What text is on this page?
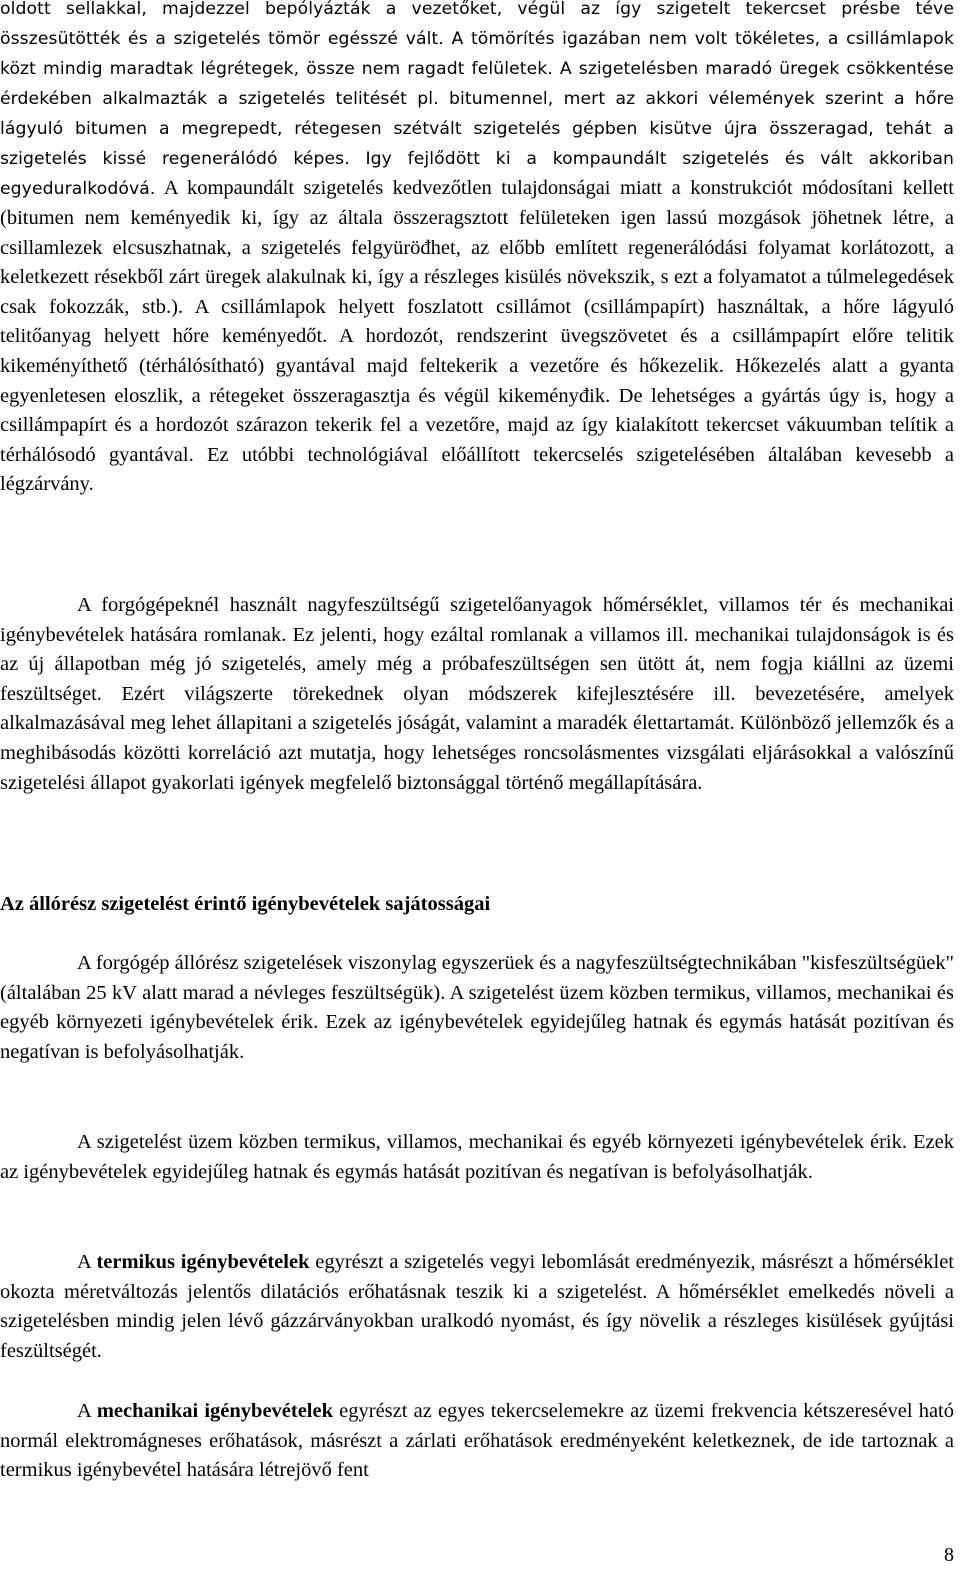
oldott sellakkal, majdezzel bepólyázták a vezetőket, végül az így szigetelt tekercset présbe téve összesütötték és a szigetelés tömör egésszé vált. A tömörítés igazában nem volt tökéletes, a csillámlapok közt mindig maradtak légrétegek, össze nem ragadt felületek. A szigetelésben maradó üregek csökkentése érdekében alkalmazták a szigetelés telitését pl. bitumennel, mert az akkori vélemények szerint a hőre lágyuló bitumen a megrepedt, rétegesen szétvált szigetelés gépben kisütve újra összeragad, tehát a szigetelés kissé regenerálódó képes. Igy fejlődött ki a kompaundált szigetelés és vált akkoriban egyeduralkodóvá. A kompaundált szigetelés kedvezőtlen tulajdonságai miatt a konstrukciót módosítani kellett (bitumen nem keményedik ki, így az általa összeragsztott felületeken igen lassú mozgások jöhetnek létre, a csillamlezek elcsuszhatnak, a szigetelés felgyüröđhet, az előbb említett regenerálódási folyamat korlátozott, a keletkezett résekből zárt üregek alakulnak ki, így a részleges kisülés növekszik, s ezt a folyamatot a túlmelegedések csak fokozzák, stb.). A csillámlapok helyett foszlatott csillámot (csillámpapírt) használtak, a hőre lágyuló telitőanyag helyett hőre keményedőt. A hordozót, rendszerint üvegszövetet és a csillámpapírt előre telitik kikeményíthető (térhálósítható) gyantával majd feltekerik a vezetőre és hőkezelik. Hőkezelés alatt a gyanta egyenletesen eloszlik, a rétegeket összeragasztja és végül kikeményđik. De lehetséges a gyártás úgy is, hogy a csillámpapírt és a hordozót szárazon tekerik fel a vezetőre, majd az így kialakított tekercset vákuumban telítik a térhálósodó gyantával. Ez utóbbi technológiával előállított tekercselés szigetelésében általában kevesebb a légzárvány.

A forgógépeknél használt nagyfeszültségű szigetelőanyagok hőmérséklet, villamos tér és mechanikai igénybevételek hatására romlanak. Ez jelenti, hogy ezáltal romlanak a villamos ill. mechanikai tulajdonságok is és az új állapotban még jó szigetelés, amely még a próbafeszültségen sen ütött át, nem fogja kiállni az üzemi feszültséget. Ezért világszerte törekednek olyan módszerek kifejlesztésére ill. bevezetésére, amelyek alkalmazásával meg lehet állapitani a szigetelés jóságát, valamint a maradék élettartamát. Különböző jellemzők és a meghibásodás közötti korreláció azt mutatja, hogy lehetséges roncsolásmentes vizsgálati eljárásokkal a valószínű szigetelési állapot gyakorlati igények megfelelő biztonsággal történő megállapítására.

Az állórész szigetelést érintő igénybevételek sajátosságai

A forgógép állórész szigetelések viszonylag egyszerüek és a nagyfeszültségtechnikában "kisfeszültségüek" (általában 25 kV alatt marad a névleges feszültségük). A szigetelést üzem közben termikus, villamos, mechanikai és egyéb környezeti igénybevételek érik. Ezek az igénybevételek egyidejűleg hatnak és egymás hatását pozitívan és negatívan is befolyásolhatják.

A szigetelést üzem közben termikus, villamos, mechanikai és egyéb környezeti igénybevételek érik. Ezek az igénybevételek egyidejűleg hatnak és egymás hatását pozitívan és negatívan is befolyásolhatják.

A termikus igénybevételek egyrészt a szigetelés vegyi lebomlását eredményezik, másrészt a hőmérséklet okozta méretváltozás jelentős dilatációs erőhatásnak teszik ki a szigetelést. A hőmérséklet emelkedés növeli a szigetelésben mindig jelen lévő gázzárványokban uralkodó nyomást, és így növelik a részleges kisülések gyújtási feszültségét.

A mechanikai igénybevételek egyrészt az egyes tekercselemekre az üzemi frekvencia kétszeresével ható normál elektromágneses erőhatások, másrészt a zárlati erőhatások eredményeként keletkeznek, de ide tartoznak a termikus igénybevétel hatására létrejövő fent

8
